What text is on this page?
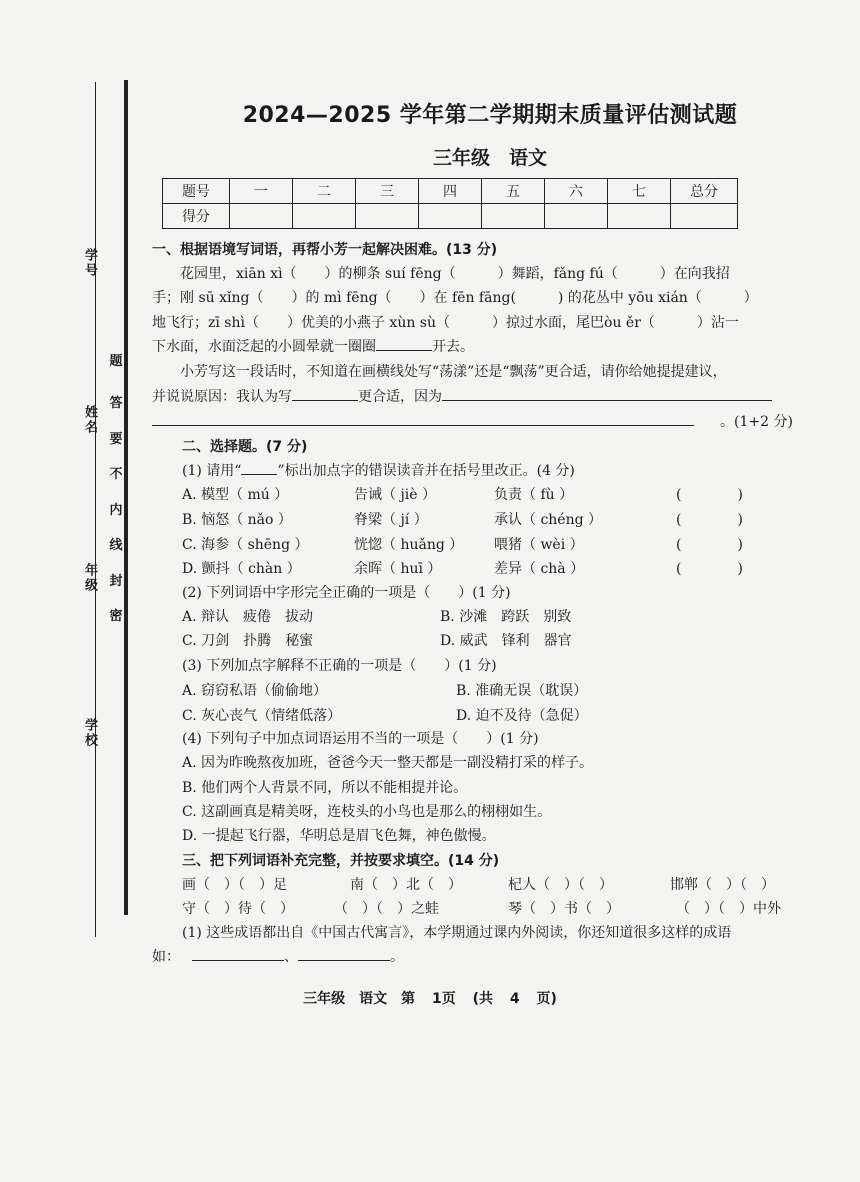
学号
姓名
年级
学校
题
答
要
不
内
线
封
密
2024—2025 学年第二学期期末质量评估测试题
三年级　语文
题号	一	二	三	四	五	六	七	总分
得分								
一、根据语境写词语，再帮小芳一起解决困难。(13 分)
花园里，xiān xì（　　）的柳条 suí fēng（　　　）舞蹈，fǎng fú（　　　）在向我招
手；刚 sū xǐng（　　）的 mì fēng（　　）在 fēn fāng(　　　) 的花丛中 yōu xián（　　　）
地飞行；zī shì（　　）优美的小燕子 xùn sù（　　　）掠过水面，尾巴òu ěr（　　　）沾一
下水面，水面泛起的小圆晕就一圈圈	开去。
小芳写这一段话时，不知道在画横线处写“荡漾”还是“飘荡”更合适，请你给她提提建议，
并说说原因：我认为写	更合适，因为
。(1+2 分)
二、选择题。(7 分)
(1) 请用“	”标出加点字的错误读音并在括号里改正。(4 分)
A. 模型（ mú ）	告诫（ jiè ）	负责（ fù ）	(　　　　)
B. 恼怒（ nǎo ）	脊梁（ jí ）	承认（ chéng ）	(　　　　)
C. 海参（ shēng ）	恍惚（ huǎng ） 喂猪（ wèi ）	(　　　　)
D. 颤抖（ chàn ）	余晖（ huī ）	差异（ chà ）	(　　　　)
(2) 下列词语中字形完全正确的一项是（　　）(1 分)
A. 辩认　疲倦　拔动	B. 沙滩　跨跃　别致
C. 刀剑　扑腾　秘蜜	D. 威武　锋利　器官
(3) 下列加点字解释不正确的一项是（　　）(1 分)
A. 窃窃私语（偷偷地）	B. 准确无误（耽误）
C. 灰心丧气（情绪低落）	D. 迫不及待（急促）
(4) 下列句子中加点词语运用不当的一项是（　　）(1 分)
A. 因为昨晚熬夜加班，爸爸今天一整天都是一副没精打采的样子。
B. 他们两个人背景不同，所以不能相提并论。
C. 这副画真是精美呀，连枝头的小鸟也是那么的栩栩如生。
D. 一提起飞行器，华明总是眉飞色舞，神色傲慢。
三、把下列词语补充完整，并按要求填空。(14 分)
画（　）（　）足	南（　）北（　）	杞人（　）（　）	邯郸（　）（　）
守（　）待（　）	（　）（　）之蛙	琴（　）书（　）	（　）（　）中外
(1) 这些成语都出自《中国古代寓言》，本学期通过课内外阅读，你还知道很多这样的成语
如：	、	。
三年级　语文　第 1页 (共 4 页)
